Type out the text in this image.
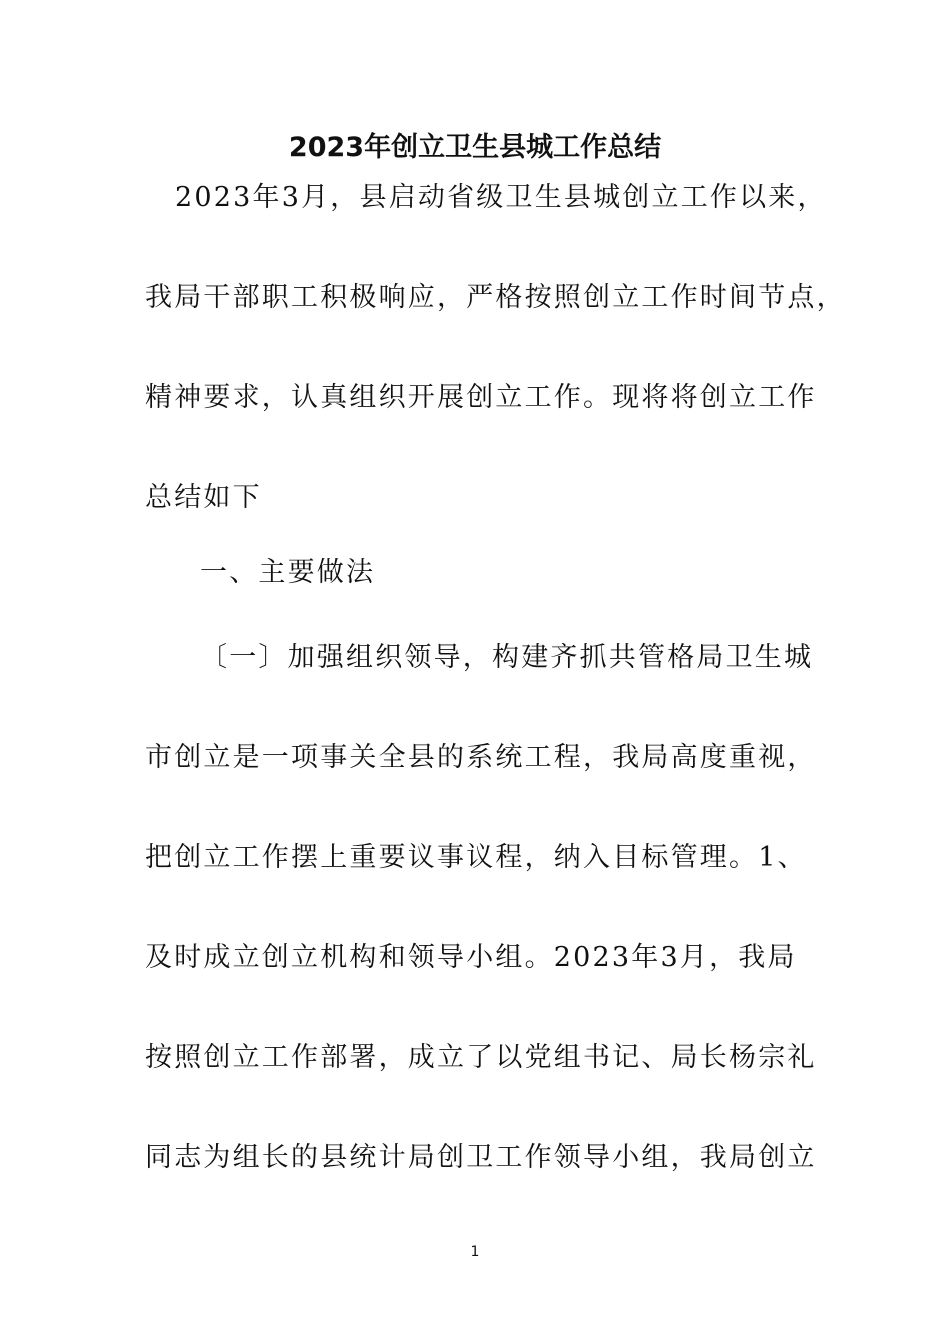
2023年创立卫生县城工作总结
2023年3月，县启动省级卫生县城创立工作以来，
我局干部职工积极响应，严格按照创立工作时间节点，
精神要求，认真组织开展创立工作。现将将创立工作
总结如下
一、主要做法
〔一〕加强组织领导，构建齐抓共管格局卫生城
市创立是一项事关全县的系统工程，我局高度重视，
把创立工作摆上重要议事议程，纳入目标管理。1、
及时成立创立机构和领导小组。2023年3月，我局
按照创立工作部署，成立了以党组书记、局长杨宗礼
同志为组长的县统计局创卫工作领导小组，我局创立
1
